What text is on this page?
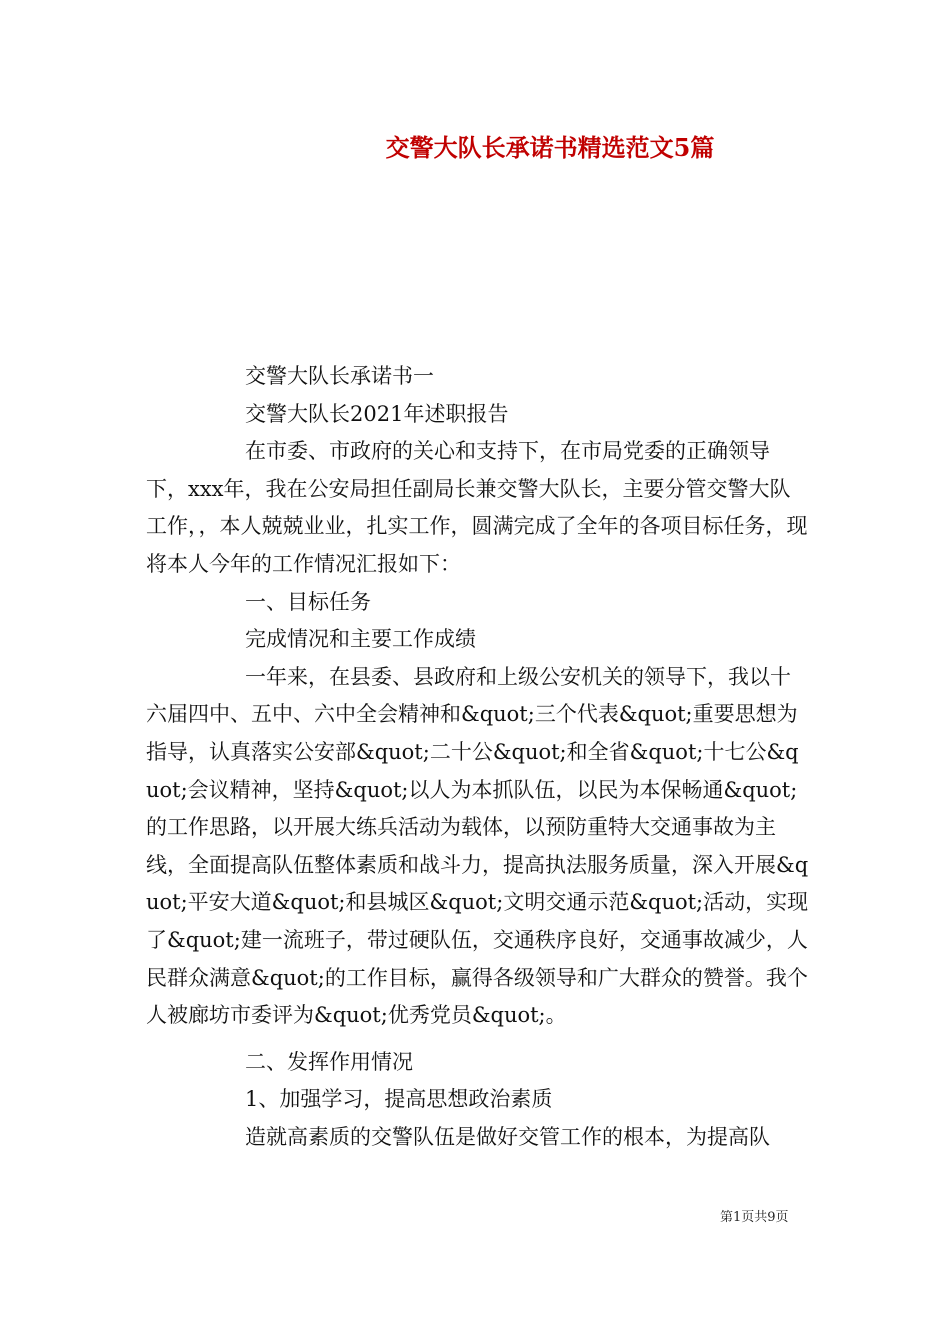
交警大队长承诺书精选范文5篇

交警大队长承诺书一

交警大队长2021年述职报告

在市委、市政府的关心和支持下，在市局党委的正确领导下，xxx年，我在公安局担任副局长兼交警大队长，主要分管交警大队工作，，本人兢兢业业，扎实工作，圆满完成了全年的各项目标任务，现将本人今年的工作情况汇报如下：

一、目标任务

完成情况和主要工作成绩

一年来，在县委、县政府和上级公安机关的领导下，我以十六届四中、五中、六中全会精神和&quot;三个代表&quot;重要思想为指导，认真落实公安部&quot;二十公&quot;和全省&quot;十七公&quot;会议精神，坚持&quot;以人为本抓队伍，以民为本保畅通&quot;的工作思路，以开展大练兵活动为载体，以预防重特大交通事故为主线，全面提高队伍整体素质和战斗力，提高执法服务质量，深入开展&quot;平安大道&quot;和县城区&quot;文明交通示范&quot;活动，实现了&quot;建一流班子，带过硬队伍，交通秩序良好，交通事故减少，人民群众满意&quot;的工作目标，赢得各级领导和广大群众的赞誉。我个人被廊坊市委评为&quot;优秀党员&quot;。

二、发挥作用情况

1、加强学习，提高思想政治素质

造就高素质的交警队伍是做好交管工作的根本，为提高队

第1页共9页
